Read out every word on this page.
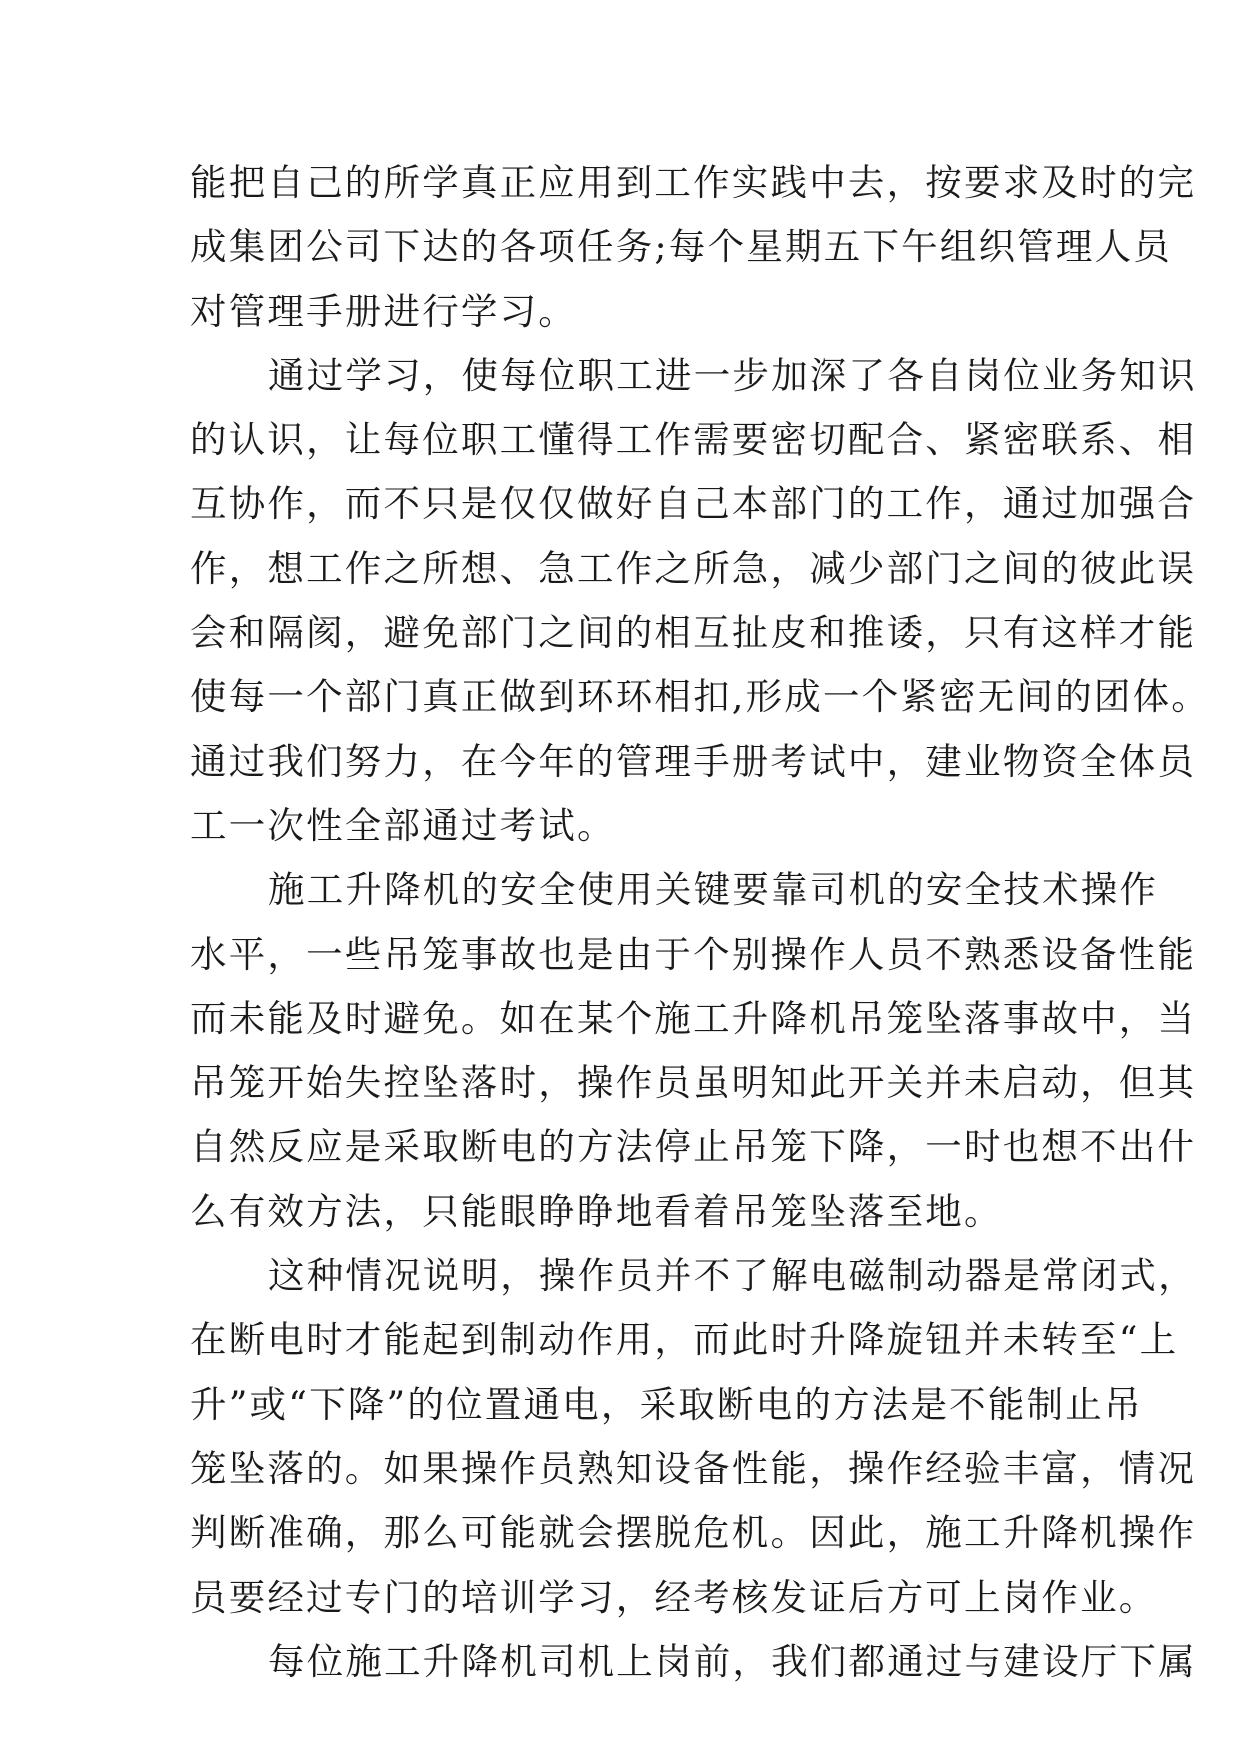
能把自己的所学真正应用到工作实践中去，按要求及时的完
成集团公司下达的各项任务;每个星期五下午组织管理人员
对管理手册进行学习。
通过学习，使每位职工进一步加深了各自岗位业务知识
的认识，让每位职工懂得工作需要密切配合、紧密联系、相
互协作，而不只是仅仅做好自己本部门的工作，通过加强合
作，想工作之所想、急工作之所急，减少部门之间的彼此误
会和隔阂，避免部门之间的相互扯皮和推诿，只有这样才能
使每一个部门真正做到环环相扣,形成一个紧密无间的团体。
通过我们努力，在今年的管理手册考试中，建业物资全体员
工一次性全部通过考试。
施工升降机的安全使用关键要靠司机的安全技术操作
水平，一些吊笼事故也是由于个别操作人员不熟悉设备性能
而未能及时避免。如在某个施工升降机吊笼坠落事故中，当
吊笼开始失控坠落时，操作员虽明知此开关并未启动，但其
自然反应是采取断电的方法停止吊笼下降，一时也想不出什
么有效方法，只能眼睁睁地看着吊笼坠落至地。
这种情况说明，操作员并不了解电磁制动器是常闭式，
在断电时才能起到制动作用，而此时升降旋钮并未转至“上
升”或“下降”的位置通电，采取断电的方法是不能制止吊
笼坠落的。如果操作员熟知设备性能，操作经验丰富，情况
判断准确，那么可能就会摆脱危机。因此，施工升降机操作
员要经过专门的培训学习，经考核发证后方可上岗作业。
每位施工升降机司机上岗前，我们都通过与建设厅下属
